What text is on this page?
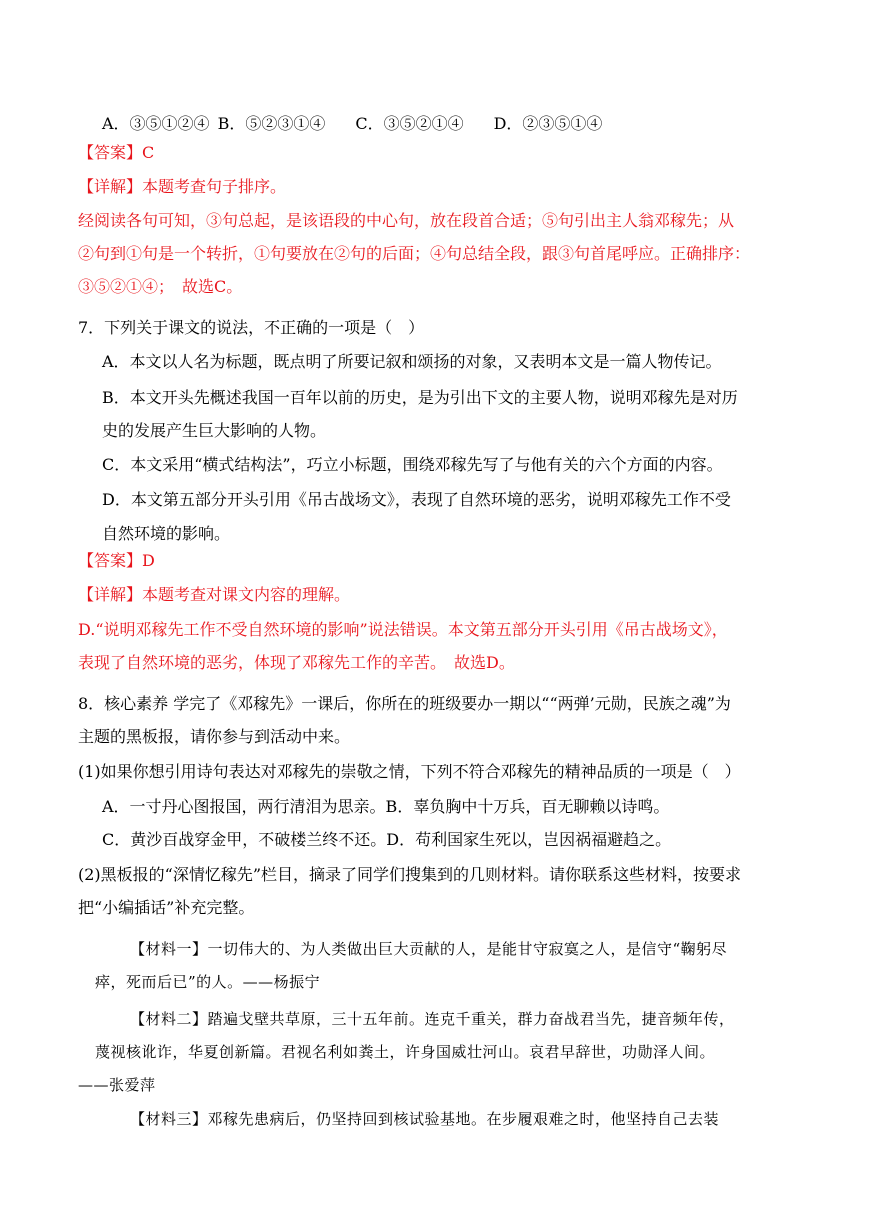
A．③⑤①②④ B．⑤②③①④ C．③⑤②①④ D．②③⑤①④
【答案】C
【详解】本题考查句子排序。
经阅读各句可知，③句总起，是该语段的中心句，放在段首合适；⑤句引出主人翁邓稼先；从
②句到①句是一个转折，①句要放在②句的后面；④句总结全段，跟③句首尾呼应。正确排序：
③⑤②①④；　故选C。
7．下列关于课文的说法，不正确的一项是（　）
A．本文以人名为标题，既点明了所要记叙和颂扬的对象，又表明本文是一篇人物传记。
B．本文开头先概述我国一百年以前的历史，是为引出下文的主要人物，说明邓稼先是对历
史的发展产生巨大影响的人物。
C．本文采用“横式结构法”，巧立小标题，围绕邓稼先写了与他有关的六个方面的内容。
D．本文第五部分开头引用《吊古战场文》，表现了自然环境的恶劣，说明邓稼先工作不受
自然环境的影响。
【答案】D
【详解】本题考查对课文内容的理解。
D.“说明邓稼先工作不受自然环境的影响”说法错误。本文第五部分开头引用《吊古战场文》，
表现了自然环境的恶劣，体现了邓稼先工作的辛苦。　故选D。
8．核心素养 学完了《邓稼先》一课后，你所在的班级要办一期以““两弹’元勋，民族之魂”为
主题的黑板报，请你参与到活动中来。
(1)如果你想引用诗句表达对邓稼先的崇敬之情，下列不符合邓稼先的精神品质的一项是（　）
A．一寸丹心图报国，两行清泪为思亲。B．辜负胸中十万兵，百无聊赖以诗鸣。
C．黄沙百战穿金甲，不破楼兰终不还。D．苟利国家生死以，岂因祸福避趋之。
(2)黑板报的“深情忆稼先”栏目，摘录了同学们搜集到的几则材料。请你联系这些材料，按要求
把“小编插话”补充完整。
【材料一】一切伟大的、为人类做出巨大贡献的人，是能甘守寂寞之人，是信守“鞠躬尽
瘁，死而后已”的人。——杨振宁
【材料二】踏遍戈壁共草原，三十五年前。连克千重关，群力奋战君当先，捷音频年传，
蔑视核讹诈，华夏创新篇。君视名利如粪土，许身国威壮河山。哀君早辞世，功勋泽人间。
——张爱萍
【材料三】邓稼先患病后，仍坚持回到核试验基地。在步履艰难之时，他坚持自己去装
